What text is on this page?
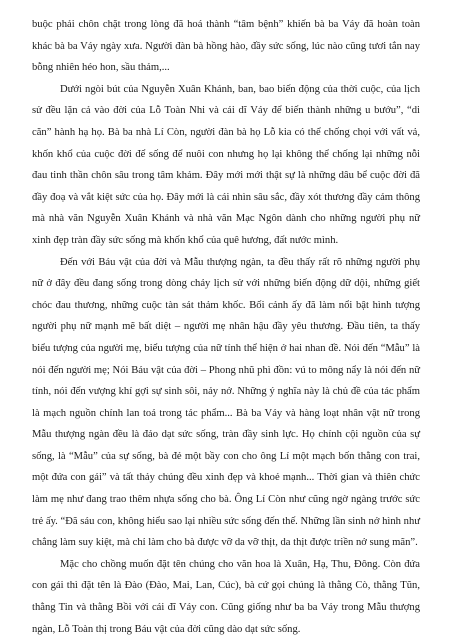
buộc phải chôn chặt trong lòng đã hoá thành “tâm bệnh” khiến bà ba Váy đã hoàn toàn khác bà ba Váy ngày xưa. Người đàn bà hồng hào, đầy sức sống, lúc nào cũng tươi tắn nay bỗng nhiên héo hon, sầu thảm,...

Dưới ngòi bút của Nguyễn Xuân Khánh, ban, bao biến động của thời cuộc, của lịch sử đều lặn cả vào đời của Lỗ Toàn Nhi và cái dĩ Váy để biến thành những u bướu”, “di căn” hành hạ họ. Bà ba nhà Lí Còn, người đàn bà họ Lỗ kia có thể chống chọi với vất vả, khốn khổ của cuộc đời để sống để nuôi con nhưng họ lại không thể chống lại những nỗi đau tinh thần chôn sâu trong tâm khảm. Đây mới mới thật sự là những dâu bể cuộc đời đã đầy đoạ và vắt kiệt sức của họ. Đây mới là cái nhìn sâu sắc, đầy xót thương đầy cảm thông mà nhà văn Nguyễn Xuân Khánh và nhà văn Mạc Ngôn dành cho những người phụ nữ xinh đẹp tràn đầy sức sống mà khốn khổ của quê hương, đất nước mình.

Đến với Báu vật của đời và Mẫu thượng ngàn, ta đều thấy rất rõ những người phụ nữ ở đây đều đang sống trong dòng chảy lịch sử với những biến động dữ dội, những giết chóc đau thương, những cuộc tàn sát thảm khốc. Bối cảnh ấy đã làm nổi bật hình tượng người phụ nữ mạnh mẽ bất diệt – người mẹ nhân hậu đầy yêu thương. Đầu tiên, ta thấy biểu tượng của người mẹ, biểu tượng của nữ tính thể hiện ở hai nhan đề. Nói đến “Mẫu” là nói đến người mẹ; Nói Báu vật của đời – Phong nhũ phì đồn: vú to mông nẩy là nói đến nữ tính, nói đến vượng khí gợi sự sinh sôi, nảy nở. Những ý nghĩa này là chủ đề của tác phẩm là mạch nguồn chính lan toả trong tác phẩm... Bà ba Váy và hàng loạt nhân vật nữ trong Mẫu thượng ngàn đều là đảo dạt sức sống, tràn đầy sinh lực. Họ chính cội nguồn của sự sống, là “Mẫu” của sự sống, bà đẻ một bầy con cho ông Lí một mạch bốn thằng con trai, một đứa con gái” và tất thảy chúng đều xinh đẹp và khoẻ mạnh... Thời gian và thiên chức làm mẹ như đang trao thêm nhựa sống cho bà. Ông Lí Còn như cũng ngờ ngàng trước sức trẻ ấy. “Đã sáu con, không hiểu sao lại nhiều sức sống đến thế. Những lần sinh nở hình như chẳng làm suy kiệt, mà chỉ làm cho bà được vỡ da vỡ thịt, da thịt được triền nở sung mãn”.

Mặc cho chồng muốn đặt tên chúng cho văn hoa là Xuân, Hạ, Thu, Đông. Còn đứa con gái thì đặt tên là Đào (Đào, Mai, Lan, Cúc), bà cứ gọi chúng là thằng Cò, thằng Tũn, thằng Tin và thằng Bồi với cái đĩ Váy con. Cũng giống như ba ba Váy trong Mẫu thượng ngàn, Lỗ Toàn thị trong Báu vật của đời cũng dào dạt sức sống.
